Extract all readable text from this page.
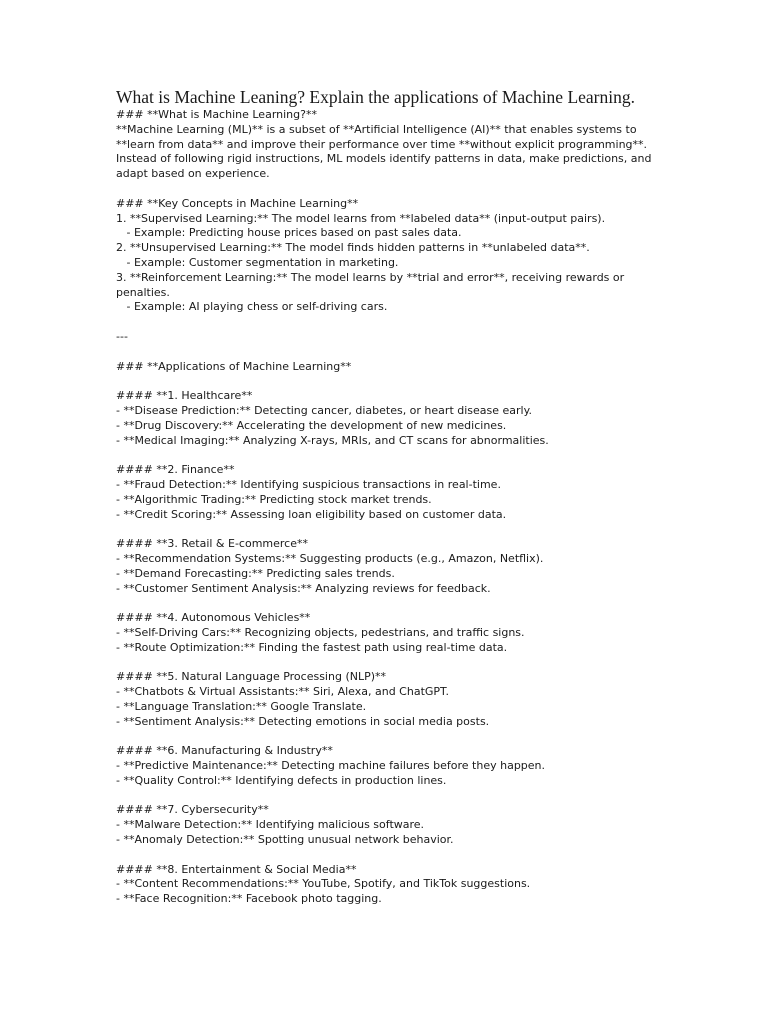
What is Machine Leaning? Explain the applications of Machine Learning.
### **What is Machine Learning?**
**Machine Learning (ML)** is a subset of **Artificial Intelligence (AI)** that enables systems to
**learn from data** and improve their performance over time **without explicit programming**.
Instead of following rigid instructions, ML models identify patterns in data, make predictions, and
adapt based on experience.
### **Key Concepts in Machine Learning**
1. **Supervised Learning:** The model learns from **labeled data** (input-output pairs).
- Example: Predicting house prices based on past sales data.
2. **Unsupervised Learning:** The model finds hidden patterns in **unlabeled data**.
- Example: Customer segmentation in marketing.
3. **Reinforcement Learning:** The model learns by **trial and error**, receiving rewards or
penalties.
- Example: AI playing chess or self-driving cars.
---
### **Applications of Machine Learning**
#### **1. Healthcare**
- **Disease Prediction:** Detecting cancer, diabetes, or heart disease early.
- **Drug Discovery:** Accelerating the development of new medicines.
- **Medical Imaging:** Analyzing X-rays, MRIs, and CT scans for abnormalities.
#### **2. Finance**
- **Fraud Detection:** Identifying suspicious transactions in real-time.
- **Algorithmic Trading:** Predicting stock market trends.
- **Credit Scoring:** Assessing loan eligibility based on customer data.
#### **3. Retail & E-commerce**
- **Recommendation Systems:** Suggesting products (e.g., Amazon, Netflix).
- **Demand Forecasting:** Predicting sales trends.
- **Customer Sentiment Analysis:** Analyzing reviews for feedback.
#### **4. Autonomous Vehicles**
- **Self-Driving Cars:** Recognizing objects, pedestrians, and traffic signs.
- **Route Optimization:** Finding the fastest path using real-time data.
#### **5. Natural Language Processing (NLP)**
- **Chatbots & Virtual Assistants:** Siri, Alexa, and ChatGPT.
- **Language Translation:** Google Translate.
- **Sentiment Analysis:** Detecting emotions in social media posts.
#### **6. Manufacturing & Industry**
- **Predictive Maintenance:** Detecting machine failures before they happen.
- **Quality Control:** Identifying defects in production lines.
#### **7. Cybersecurity**
- **Malware Detection:** Identifying malicious software.
- **Anomaly Detection:** Spotting unusual network behavior.
#### **8. Entertainment & Social Media**
- **Content Recommendations:** YouTube, Spotify, and TikTok suggestions.
- **Face Recognition:** Facebook photo tagging.
